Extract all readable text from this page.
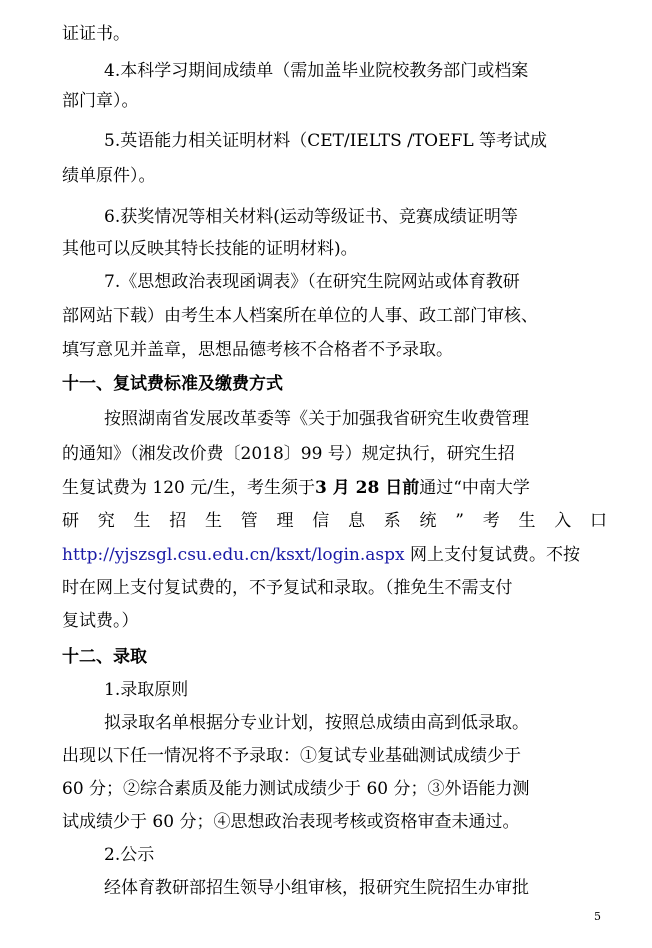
证证书。
4.本科学习期间成绩单（需加盖毕业院校教务部门或档案
部门章）。
5.英语能力相关证明材料（CET/IELTS /TOEFL 等考试成
绩单原件）。
6.获奖情况等相关材料(运动等级证书、竞赛成绩证明等
其他可以反映其特长技能的证明材料)。
7.《思想政治表现函调表》（在研究生院网站或体育教研
部网站下载）由考生本人档案所在单位的人事、政工部门审核、
填写意见并盖章，思想品德考核不合格者不予录取。
十一、复试费标准及缴费方式
按照湖南省发展改革委等《关于加强我省研究生收费管理
的通知》（湘发改价费〔2018〕99 号）规定执行，研究生招
生复试费为 120 元/生，考生须于3 月 28 日前通过“中南大学
研究生招生管理信息系统”考生入口
http://yjszsgl.csu.edu.cn/ksxt/login.aspx 网上支付复试费。不按
时在网上支付复试费的，不予复试和录取。（推免生不需支付
复试费。）
十二、录取
1.录取原则
拟录取名单根据分专业计划，按照总成绩由高到低录取。
出现以下任一情况将不予录取：①复试专业基础测试成绩少于
60 分；②综合素质及能力测试成绩少于 60 分；③外语能力测
试成绩少于 60 分；④思想政治表现考核或资格审查未通过。
2.公示
经体育教研部招生领导小组审核，报研究生院招生办审批
5
